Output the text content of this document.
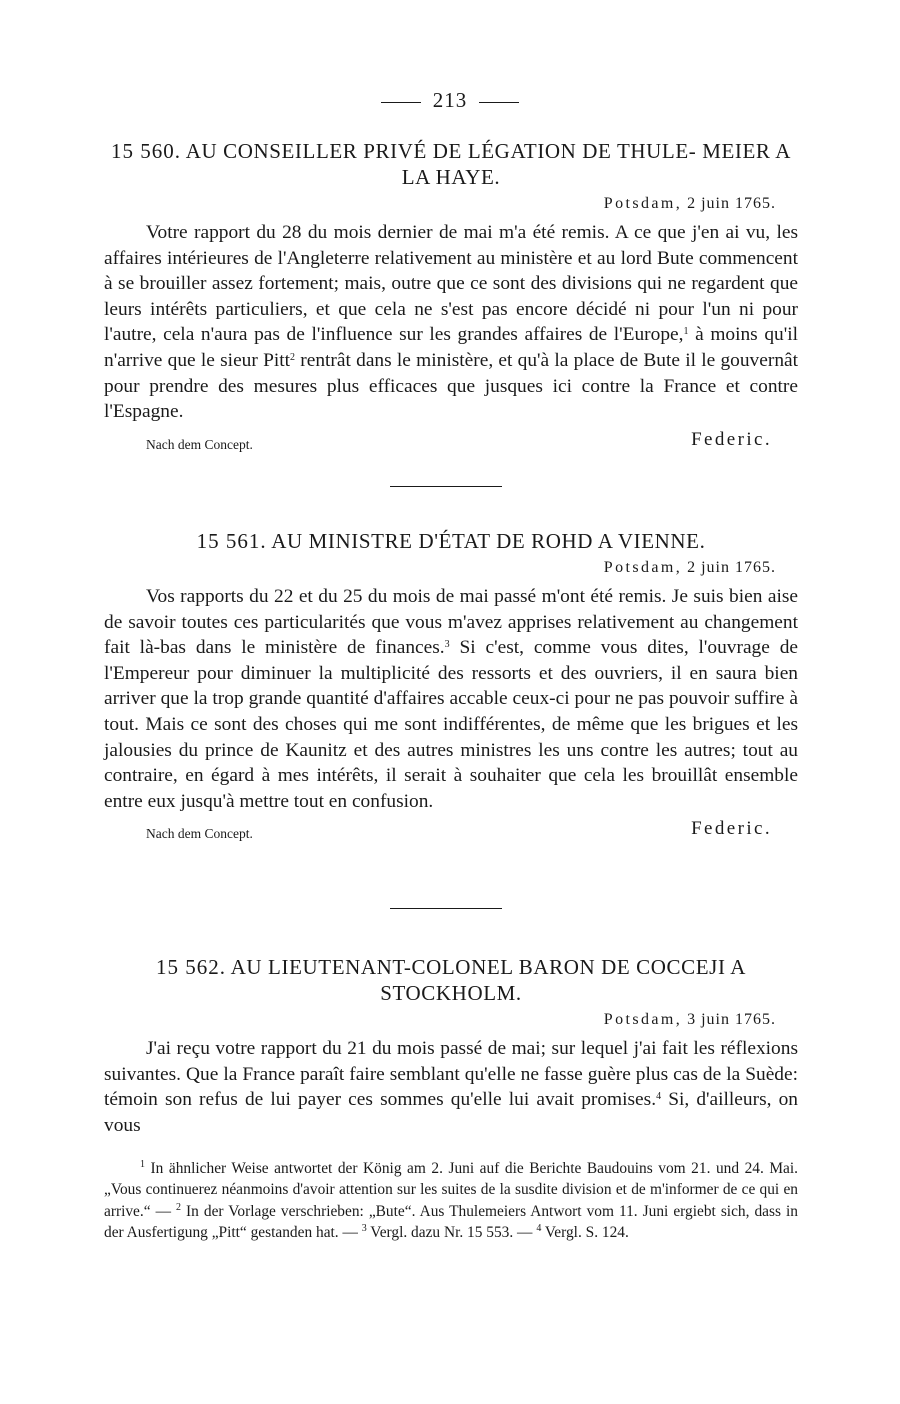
213

15 560. AU CONSEILLER PRIVÉ DE LÉGATION DE THULE- MEIER A LA HAYE.

Potsdam, 2 juin 1765.

Votre rapport du 28 du mois dernier de mai m'a été remis. A ce que j'en ai vu, les affaires intérieures de l'Angleterre relativement au ministère et au lord Bute commencent à se brouiller assez fortement; mais, outre que ce sont des divisions qui ne regardent que leurs intérêts particuliers, et que cela ne s'est pas encore décidé ni pour l'un ni pour l'autre, cela n'aura pas de l'influence sur les grandes affaires de l'Europe,$^1$ à moins qu'il n'arrive que le sieur Pitt$^2$ rentrât dans le ministère, et qu'à la place de Bute il le gouvernât pour prendre des mesures plus efficaces que jusques ici contre la France et contre l'Espagne.

Nach dem Concept.	Federic.

15 561. AU MINISTRE D'ÉTAT DE ROHD A VIENNE.

Potsdam, 2 juin 1765.

Vos rapports du 22 et du 25 du mois de mai passé m'ont été remis. Je suis bien aise de savoir toutes ces particularités que vous m'avez apprises relativement au changement fait là-bas dans le ministère de finances.$^3$ Si c'est, comme vous dites, l'ouvrage de l'Empereur pour diminuer la multiplicité des ressorts et des ouvriers, il en saura bien arriver que la trop grande quantité d'affaires accable ceux-ci pour ne pas pouvoir suffire à tout. Mais ce sont des choses qui me sont indifférentes, de même que les brigues et les jalousies du prince de Kaunitz et des autres ministres les uns contre les autres; tout au contraire, en égard à mes intérêts, il serait à souhaiter que cela les brouillât ensemble entre eux jusqu'à mettre tout en confusion.

Nach dem Concept.	Federic.

15 562. AU LIEUTENANT-COLONEL BARON DE COCCEJI A STOCKHOLM.

Potsdam, 3 juin 1765.

J'ai reçu votre rapport du 21 du mois passé de mai; sur lequel j'ai fait les réflexions suivantes. Que la France paraît faire semblant qu'elle ne fasse guère plus cas de la Suède: témoin son refus de lui payer ces sommes qu'elle lui avait promises.$^4$ Si, d'ailleurs, on vous

$^1$ In ähnlicher Weise antwortet der König am 2. Juni auf die Berichte Baudouins vom 21. und 24. Mai. „Vous continuerez néanmoins d'avoir attention sur les suites de la susdite division et de m'informer de ce qui en arrive.“ — $^2$ In der Vorlage verschrieben: „Bute“. Aus Thulemeiers Antwort vom 11. Juni ergiebt sich, dass in der Ausfertigung „Pitt“ gestanden hat. — $^3$ Vergl. dazu Nr. 15 553. — $^4$ Vergl. S. 124.
